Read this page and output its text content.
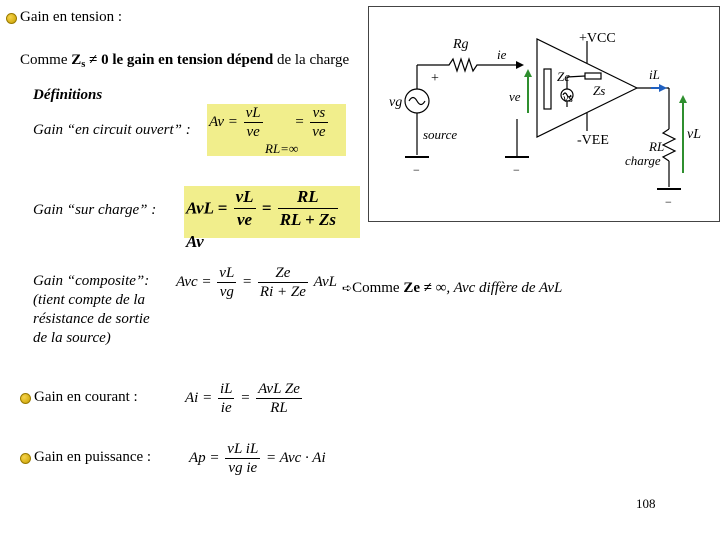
Gain en tension :
Comme $Z_s \ne 0$ le gain en tension dépend de la charge
Définitions
Gain “en circuit ouvert” : $Av = \frac{vL}{ve}$

RL=∞
= $\frac{vs}{ve}$
Gain “sur charge” : AvL = $\frac{vL}{ve} = \frac{RL}{RL + Zs}$
Av
Gain “composite”:
(tient compte de la
résistance de sortie
de la source)
Avc = $\frac{vL}{vg} = \frac{Ze}{Ri + Ze}$ AvL ➪Comme Ze ≠ ∞, Avc diffère de AvL
Gain en courant :	$Ai = \frac{iL}{ie} = \frac{\text{AvL Ze}}{RL}$
Gain en puissance :	$Ap = \frac{\text{vL iL}}{\text{vg ie}}$ = Avc · Ai
Rg
ie
+VCC
Ze
vs Zs
iL
ve
vg
+
source	-VEE	RL
charge
vL
−	−
−
108
